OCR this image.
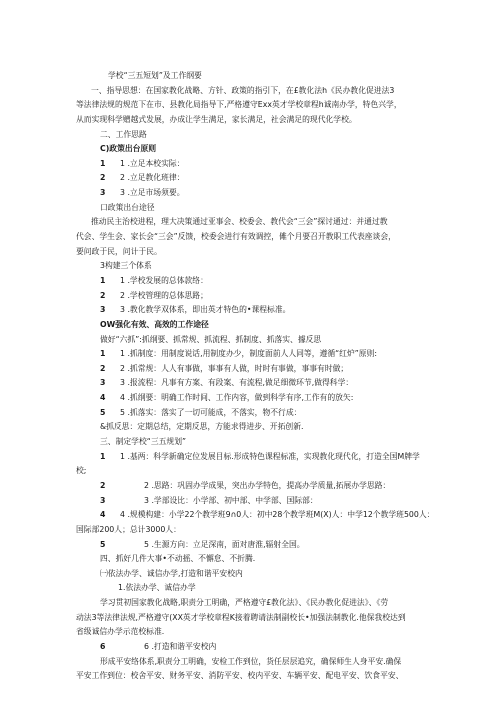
学校“三五短划”及工作纲要
一、指导思想：在国家教化战略、方针、政策的指引下，在£教化法h《民办教化促进法3
等法律法规的规范下在市、县教化局指导下,严格遵守Exx英才学校章程h诚南办学，特色兴学，
从而实现科学赠越式发展，办成让学生满足，家长满足，社会满足的现代化学校。
二、工作思路
C)政策出台原则
1 1 .立足本校实际：
2 2 .立足教化班律：
3 3 .立足市场须要。
口政策出台途径
推动民主治校进程，理大决策通过亚事会、校委会、教代会“三会”探讨通过：并通过教
代会、学生会、家长会“三会”反馈，校委会进行有效调控，傩个月要召开教职工代表座谈会，
要问政于民，问计于民。
3构建三个体系
1 1 .学校发展的总体款络：
2 2 .学校管理的总体思路；
3 3 .教化教学双体系，即出英才特色的•课程标准。
OW强化有效、高效的工作途径
做好“六抓”:抓纲要、抓常规、抓流程、抓制度、抓落实、據反思
1 1 .抓制度：用制度说话,用制度办少，制度面前人人同等，遵循“红炉”原则:
2 2 .抓常规：人人有事做，事事有人做，时时有事做，事事有时做；
3 3 .报流程：凡事有方案、有段案、有流程,做足细微环节,做得科学：
4 4 .抓纲要：明确工作时间、工作内容，做到科学有序,工作有的放矢:
5 5 .抓落实：落实了一切可能成，不落实，物不行成：
&抓反思：定期总结，定期反思，方能求得进步、开拓创新.
三、制定学校“三五规划”
1 1 .基两：科学新确定位发展目标.形成特色课程标准，实现教化现代化，打造全国M牌学
校;
2	2 .思路：巩固办学成果，突出办学特色，提高办学质量,拓展办学思路：
3	3 .学部设比：小学部、初中部、中学部、国际部：
4 4 .规模构建：小学22个教学班9∩0人：初中28个教学班M(X)人：中学12个教学班500人：
国际部200人；总计3000人：
5	5 .生源方向：立足深南，面对唐淮,辐射全国。
四、抓好几件大事•不动摇、不懈怠、不折腾.
㈠依法办学、诚信办学,打造和谐平安校内
1.依法办学、诚信办学
学习贯初国家教化战略,职责分工明确，严格遵守£教化法》、《民办教化促进法》、《劳
动法3等法律法规,严格遵守(XX英才学校章程K接着聘请法制副校长•加强法制教化.他保我校达到
省级诚信办学示范校标准.
6	6 .打造和谐平安校内
形成平安络体系,职责分工明确，安检工作到位，货任层层追究，确保师生人身平安.确保
平安工作到位：校舍平安、财务平安、消防平安、校内平安、车辆平安、配电平安、饮食平安、
